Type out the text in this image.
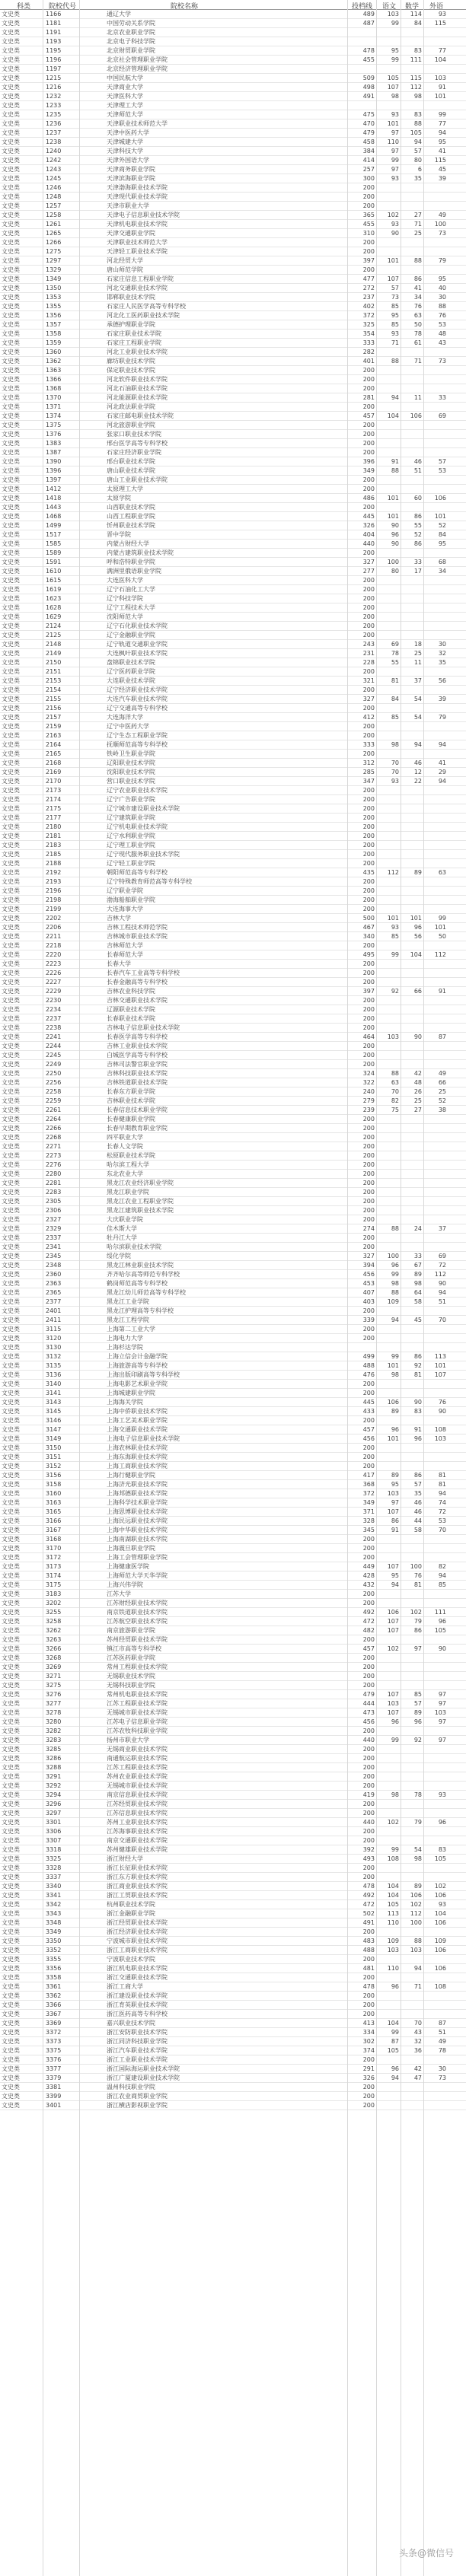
科类	院校代号	院校名称	投档线 语文 数学 外语
文史类	1166	通辽大学	489	103	114	93
文史类	1181	中国劳动关系学院	487	99	84	115
文史类	1191	北京农业职业学院
文史类	1193	北京电子科技学院
文史类	1195	北京财贸职业学院	478	95	83	77
文史类	1196	北京社会管理职业学院	455	99	111	104
文史类	1197	北京经济管理职业学院
文史类	1215	中国民航大学	509	105	115	103
文史类	1216	天津商业大学	498	107	112	91
文史类	1232	天津医科大学	491	98	98	101
文史类	1233	天津理工大学
文史类	1235	天津师范大学	475	93	83	99
文史类	1236	天津职业技术师范大学	470	101	88	77
文史类	1237	天津中医药大学	479	97	105	94
文史类	1238	天津城建大学	458	110	94	95
文史类	1240	天津科技大学	384	97	57	41
文史类	1242	天津外国语大学	414	99	80	115
文史类	1243	天津商务职业学院	257	97	6	45
文史类	1245	天津滨海职业学院	300	93	35	39
文史类	1246	天津渤海职业技术学院	200
文史类	1248	天津现代职业技术学院	200
文史类	1257	天津市职业大学	200
文史类	1258	天津电子信息职业技术学院	365	102	27	49
文史类	1261	天津机电职业技术学院	455	93	71	100
文史类	1265	天津交通职业学院	310	90	25	73
文史类	1266	天津职业技术师范大学	200
文史类	1275	天津轻工职业技术学院	200
文史类	1297	河北经贸大学	397	101	88	79
文史类	1329	唐山师范学院	200
文史类	1349	石家庄信息工程职业学院	477	107	86	95
文史类	1350	河北交通职业技术学院	272	57	41	40
文史类	1353	邯郸职业技术学院	237	73	34	30
文史类	1355	石家庄人民医学高等专科学校	402	85	76	88
文史类	1356	河北化工医药职业技术学院	372	95	63	76
文史类	1357	承德护理职业学院	325	85	50	53
文史类	1358	石家庄职业技术学院	354	93	78	48
文史类	1359	石家庄工程职业学院	333	71	61	43
文史类	1360	河北工业职业技术学院	282
文史类	1362	廊坊职业技术学院	401	88	71	73
文史类	1363	保定职业技术学院	200
文史类	1366	河北软件职业技术学院	200
文史类	1368	河北石油职业技术学院	200
文史类	1370	河北能源职业技术学院	281	94	11	33
文史类	1371	河北政法职业学院	200
文史类	1374	石家庄邮电职业技术学院	457	104	106	69
文史类	1375	河北旅游职业学院	200
文史类	1376	张家口职业技术学院	200
文史类	1383	邢台医学高等专科学校	200
文史类	1387	石家庄经济职业学院	200
文史类	1390	邢台职业技术学院	396	91	46	57
文史类	1396	唐山职业技术学院	349	88	51	53
文史类	1397	唐山工业职业技术学院	200
文史类	1412	太原理工大学	200
文史类	1418	太原学院	486	101	60	106
文史类	1443	山西职业技术学院	200
文史类	1468	山西工程职业学院	445	101	86	101
文史类	1499	忻州职业技术学院	326	90	55	52
文史类	1517	晋中学院	404	96	52	84
文史类	1585	内蒙古财经大学	440	90	86	95
文史类	1589	内蒙古建筑职业技术学院	200
文史类	1591	呼和浩特职业学院	327	100	33	68
文史类	1610	满洲里俄语职业学院	277	80	17	34
文史类	1615	大连医科大学	200
文史类	1619	辽宁石油化工大学	200
文史类	1623	辽宁科技学院	200
文史类	1628	辽宁工程技术大学	200
文史类	1629	沈阳师范大学	200
文史类	2124	辽宁石化职业技术学院	200
文史类	2125	辽宁金融职业学院	200
文史类	2148	辽宁轨道交通职业学院	243	69	18	30
文史类	2149	大连枫叶职业技术学院	231	78	25	32
文史类	2150	盘锦职业技术学院	228	55	11	35
文史类	2151	辽宁医药职业学院	200
文史类	2153	大连职业技术学院	321	81	37	56
文史类	2154	辽宁经济职业技术学院	200
文史类	2155	大连汽车职业技术学院	327	84	54	39
文史类	2156	辽宁交通高等专科学校	200
文史类	2157	大连海洋大学	412	85	54	79
文史类	2159	辽宁中医药大学	200
文史类	2163	辽宁生态工程职业学院	200
文史类	2164	抚顺师范高等专科学校	333	98	94	94
文史类	2165	铁岭卫生职业学院	200
文史类	2168	辽阳职业技术学院	312	70	46	41
文史类	2169	沈阳职业技术学院	285	70	12	29
文史类	2170	营口职业技术学院	347	93	22	94
文史类	2173	辽宁农业职业技术学院	200
文史类	2174	辽宁广告职业学院	200
文史类	2175	辽宁城市建设职业技术学院	200
文史类	2177	辽宁建筑职业学院	200
文史类	2180	辽宁机电职业技术学院	200
文史类	2181	辽宁水利职业学院	200
文史类	2183	辽宁理工职业学院	200
文史类	2185	辽宁现代服务职业技术学院	200
文史类	2188	辽宁轻工职业学院	200
文史类	2192	朝阳师范高等专科学校	435	112	89	63
文史类	2193	辽宁特殊教育师范高等专科学校	200
文史类	2196	辽宁职业学院	200
文史类	2198	渤海船舶职业学院	200
文史类	2199	大连海事大学	200
文史类	2202	吉林大学	500	101	101	99
文史类	2206	吉林工程技术师范学院	467	93	96	101
文史类	2211	吉林城市职业技术学院	340	85	56	50
文史类	2218	吉林师范大学	200
文史类	2220	长春师范大学	495	99	104	112
文史类	2223	长春大学	200
文史类	2226	长春汽车工业高等专科学校	200
文史类	2227	长春金融高等专科学校	200
文史类	2229	吉林农业科技学院	397	92	66	91
文史类	2230	吉林交通职业技术学院	200
文史类	2234	辽源职业技术学院	200
文史类	2237	长春职业技术学院	200
文史类	2238	吉林电子信息职业技术学院	200
文史类	2241	长春医学高等专科学校	464	103	90	87
文史类	2244	吉林工业职业技术学院	200
文史类	2245	白城医学高等专科学校	200
文史类	2249	吉林司法警官职业学院	200
文史类	2250	吉林科技职业技术学院	324	88	42	49
文史类	2256	吉林铁道职业技术学院	322	63	48	66
文史类	2258	长春东方职业学院	240	70	26	25
文史类	2259	吉林职业技术学院	279	82	25	52
文史类	2261	长春信息技术职业学院	239	75	27	38
文史类	2264	长春健康职业学院	200
文史类	2266	长春早期教育职业学院	200
文史类	2268	四平职业大学	200
文史类	2271	长春人文学院	200
文史类	2273	松原职业技术学院	200
文史类	2276	哈尔滨工程大学	200
文史类	2280	东北农业大学	200
文史类	2281	黑龙江农业经济职业学院	200
文史类	2283	黑龙江职业学院	200
文史类	2305	黑龙江农业工程职业学院	200
文史类	2306	黑龙江建筑职业技术学院	200
文史类	2327	大庆职业学院	200
文史类	2329	佳木斯大学	274	88	24	37
文史类	2337	牡丹江大学	200
文史类	2341	哈尔滨职业技术学院	200
文史类	2345	绥化学院	327	100	33	69
文史类	2348	黑龙江林业职业技术学院	394	96	67	72
文史类	2360	齐齐哈尔高等师范专科学校	456	99	89	112
文史类	2363	鹤岗师范高等专科学校	453	98	98	90
文史类	2365	黑龙江幼儿师范高等专科学校	407	88	64	94
文史类	2377	黑龙江工业学院	403	109	58	51
文史类	2401	黑龙江护理高等专科学校	200
文史类	2411	黑龙江工程学院	339	94	45	70
文史类	3115	上海第二工业大学	200
文史类	3120	上海电力大学	200
文史类	3130	上海杉达学院
文史类	3132	上海立信会计金融学院	499	99	86	113
文史类	3135	上海旅游高等专科学校	488	101	92	101
文史类	3136	上海出版印刷高等专科学校	476	98	81	107
文史类	3140	上海电影艺术职业学院	200
文史类	3141	上海城建职业学院	200
文史类	3143	上海海关学院	445	106	90	76
文史类	3145	上海中侨职业技术学院	433	89	83	90
文史类	3146	上海工艺美术职业学院	200
文史类	3147	上海交通职业技术学院	457	96	91	108
文史类	3149	上海电子信息职业技术学院	456	101	96	103
文史类	3150	上海农林职业技术学院	200
文史类	3151	上海东海职业技术学院	200
文史类	3152	上海工商职业技术学院	200
文史类	3156	上海行健职业学院	417	89	86	81
文史类	3158	上海济光职业技术学院	368	95	57	81
文史类	3160	上海邦德职业技术学院	372	103	35	94
文史类	3163	上海科学技术职业学院	349	97	46	74
文史类	3165	上海思博职业技术学院	371	107	46	72
文史类	3166	上海民远职业技术学院	328	86	44	53
文史类	3167	上海中华职业技术学院	345	91	58	70
文史类	3168	上海南湖职业技术学院	200
文史类	3170	上海震旦职业学院	200
文史类	3172	上海工会管理职业学院	200
文史类	3173	上海健康医学院	449	107	100	82
文史类	3174	上海师范大学天华学院	428	95	76	94
文史类	3175	上海兴伟学院	432	94	81	85
文史类	3183	江苏大学	200
文史类	3202	江苏财经职业技术学院	200
文史类	3255	南京铁道职业技术学院	492	106	102	111
文史类	3258	江苏航空职业技术学院	472	107	79	96
文史类	3262	南京旅游职业学院	482	107	86	105
文史类	3263	苏州经贸职业技术学院	200
文史类	3266	镇江市高等专科学校	457	102	97	90
文史类	3268	江苏医药职业学院	200
文史类	3269	常州工程职业技术学院	200
文史类	3271	无锡职业技术学院	200
文史类	3275	无锡科技职业学院	200
文史类	3276	常州机电职业技术学院	479	107	85	97
文史类	3277	江苏工程职业技术学院	444	103	57	97
文史类	3278	无锡城市职业技术学院	473	107	89	103
文史类	3280	江苏电子信息职业学院	456	96	96	97
文史类	3282	江苏农牧科技职业学院	200
文史类	3283	扬州市职业大学	440	99	92	97
文史类	3285	无锡商业职业技术学院	200
文史类	3286	南通航运职业技术学院	200
文史类	3288	江苏工程职业技术学院	200
文史类	3291	苏州农业职业技术学院	200
文史类	3292	无锡城市职业技术学院	200
文史类	3294	南京信息职业技术学院	419	98	78	93
文史类	3296	江苏经贸职业技术学院	200
文史类	3297	江苏信息职业技术学院	200
文史类	3301	苏州工业职业技术学院	440	102	79	96
文史类	3306	江苏海事职业技术学院	200
文史类	3307	南京交通职业技术学院	200
文史类	3318	苏州健雄职业技术学院	392	99	54	83
文史类	3325	浙江财经大学	493	108	98	105
文史类	3328	浙江长征职业技术学院	200
文史类	3337	浙江东方职业技术学院	200
文史类	3340	浙江商业职业技术学院	478	104	89	102
文史类	3341	浙江工贸职业技术学院	492	104	106	106
文史类	3342	杭州职业技术学院	472	105	102	93
文史类	3343	浙江金融职业学院	502	113	112	104
文史类	3348	浙江经贸职业技术学院	491	110	100	106
文史类	3349	浙江经济职业技术学院	200
文史类	3350	宁波城市职业技术学院	483	109	88	109
文史类	3352	浙江工商职业技术学院	488	103	103	106
文史类	3355	宁波职业技术学院	200
文史类	3356	浙江机电职业技术学院	481	110	94	106
文史类	3358	浙江交通职业技术学院	200
文史类	3361	浙江工商大学	478	96	71	108
文史类	3362	浙江建设职业技术学院	200
文史类	3366	浙江育英职业技术学院	200
文史类	3367	浙江医药高等专科学校	200
文史类	3369	嘉兴职业技术学院	413	104	70	87
文史类	3372	浙江安防职业技术学院	334	99	43	51
文史类	3373	浙江同济科技职业学院	302	87	32	49
文史类	3375	浙江汽车职业技术学院	374	105	36	78
文史类	3376	浙江工业职业技术学院	200
文史类	3377	浙江国际海运职业技术学院	291	96	42	30
文史类	3379	浙江广厦建设职业技术学院	326	94	47	73
文史类	3381	温州科技职业学院	200
文史类	3399	浙江农业商贸职业学院	200
文史类	3401	浙江横店影视职业学院	200
头条@微信号
